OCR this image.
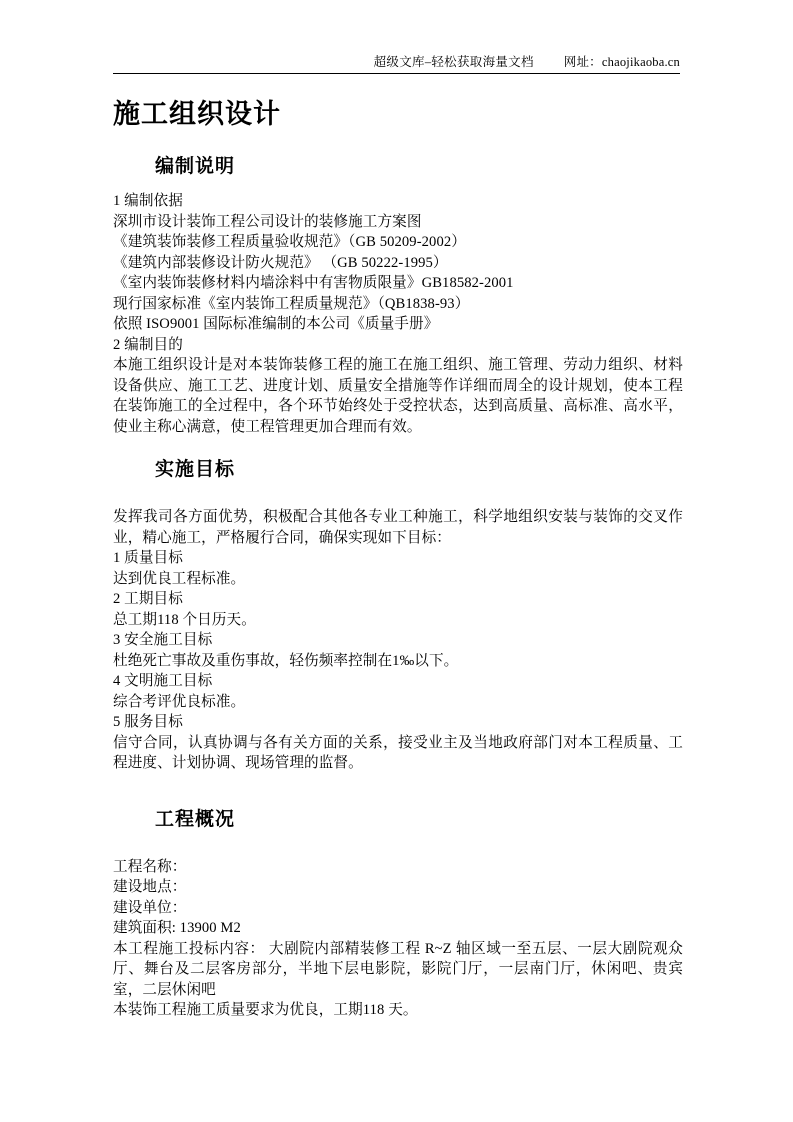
超级文库–轻松获取海量文档 网址：chaojikaoba.cn
施工组织设计
编制说明

1 编制依据

深圳市设计装饰工程公司设计的装修施工方案图

《建筑装饰装修工程质量验收规范》（GB 50209-2002）

《建筑内部装修设计防火规范》 （GB 50222-1995）

《室内装饰装修材料内墙涂料中有害物质限量》GB18582-2001

现行国家标准《室内装饰工程质量规范》（QB1838-93）

依照 ISO9001 国际标准编制的本公司《质量手册》

2 编制目的

本施工组织设计是对本装饰装修工程的施工在施工组织、施工管理、劳动力组织、材料设备供应、施工工艺、进度计划、质量安全措施等作详细而周全的设计规划，使本工程在装饰施工的全过程中，各个环节始终处于受控状态，达到高质量、高标准、高水平，使业主称心满意，使工程管理更加合理而有效。

实施目标

发挥我司各方面优势，积极配合其他各专业工种施工，科学地组织安装与装饰的交叉作业，精心施工，严格履行合同，确保实现如下目标：

1 质量目标

达到优良工程标准。

2 工期目标

总工期118 个日历天。

3 安全施工目标

杜绝死亡事故及重伤事故，轻伤频率控制在1‰以下。

4 文明施工目标

综合考评优良标准。

5 服务目标

信守合同，认真协调与各有关方面的关系，接受业主及当地政府部门对本工程质量、工程进度、计划协调、现场管理的监督。

工程概况

工程名称：

建设地点：

建设单位：

建筑面积: 13900 M2

本工程施工投标内容： 大剧院内部精装修工程 R~Z 轴区域一至五层、一层大剧院观众厅、舞台及二层客房部分，半地下层电影院，影院门厅，一层南门厅，休闲吧、贵宾室，二层休闲吧

本装饰工程施工质量要求为优良，工期118 天。
